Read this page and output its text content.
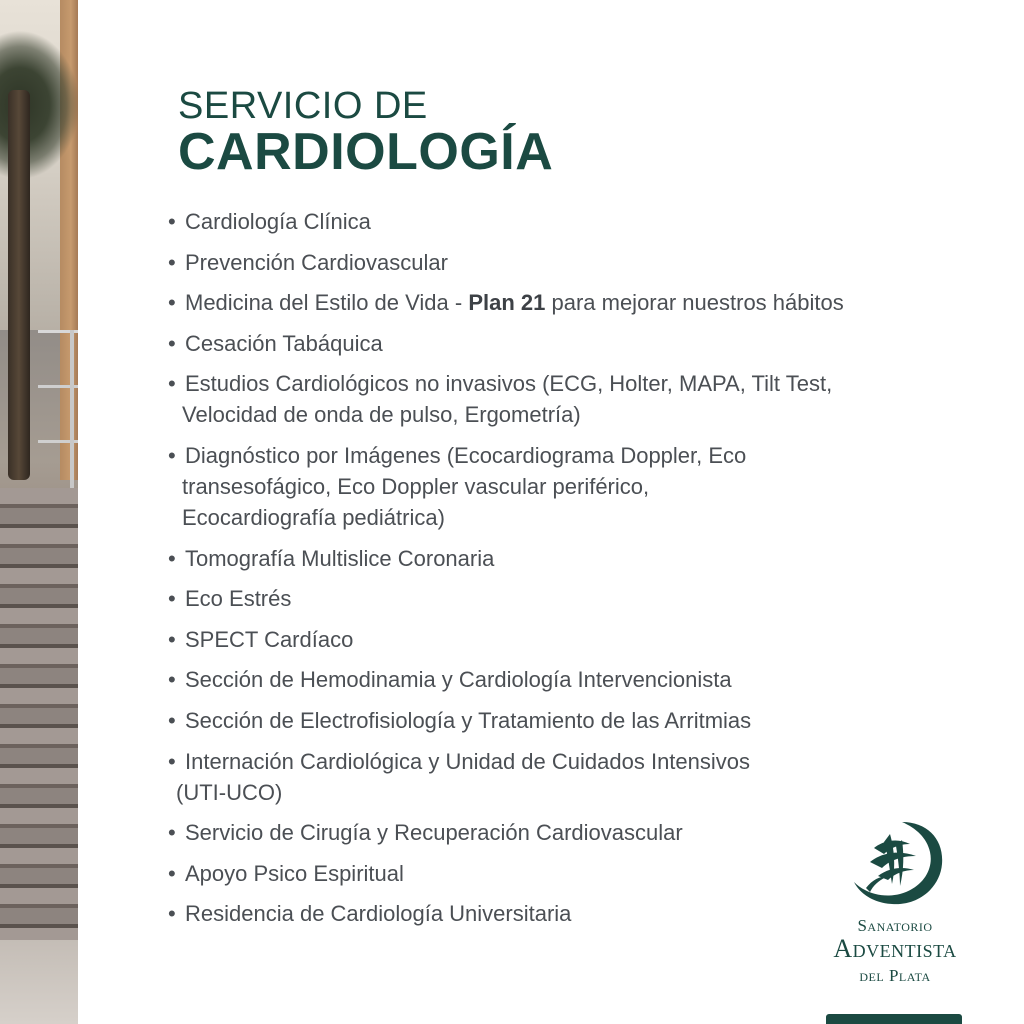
SERVICIO DE
CARDIOLOGÍA
• Cardiología Clínica
• Prevención Cardiovascular
• Medicina del Estilo de Vida - Plan 21 para mejorar nuestros hábitos
• Cesación Tabáquica
• Estudios Cardiológicos no invasivos (ECG, Holter, MAPA, Tilt Test,
Velocidad de onda de pulso, Ergometría)
• Diagnóstico por Imágenes (Ecocardiograma Doppler, Eco
transesofágico, Eco Doppler vascular periférico,
Ecocardiografía pediátrica)
• Tomografía Multislice Coronaria
• Eco Estrés
• SPECT Cardíaco
• Sección de Hemodinamia y Cardiología Intervencionista
• Sección de Electrofisiología y Tratamiento de las Arritmias
• Internación Cardiológica y Unidad de Cuidados Intensivos
(UTI-UCO)
• Servicio de Cirugía y Recuperación Cardiovascular
• Apoyo Psico Espiritual
• Residencia de Cardiología Universitaria	Sanatorio
Adventista
del Plata
